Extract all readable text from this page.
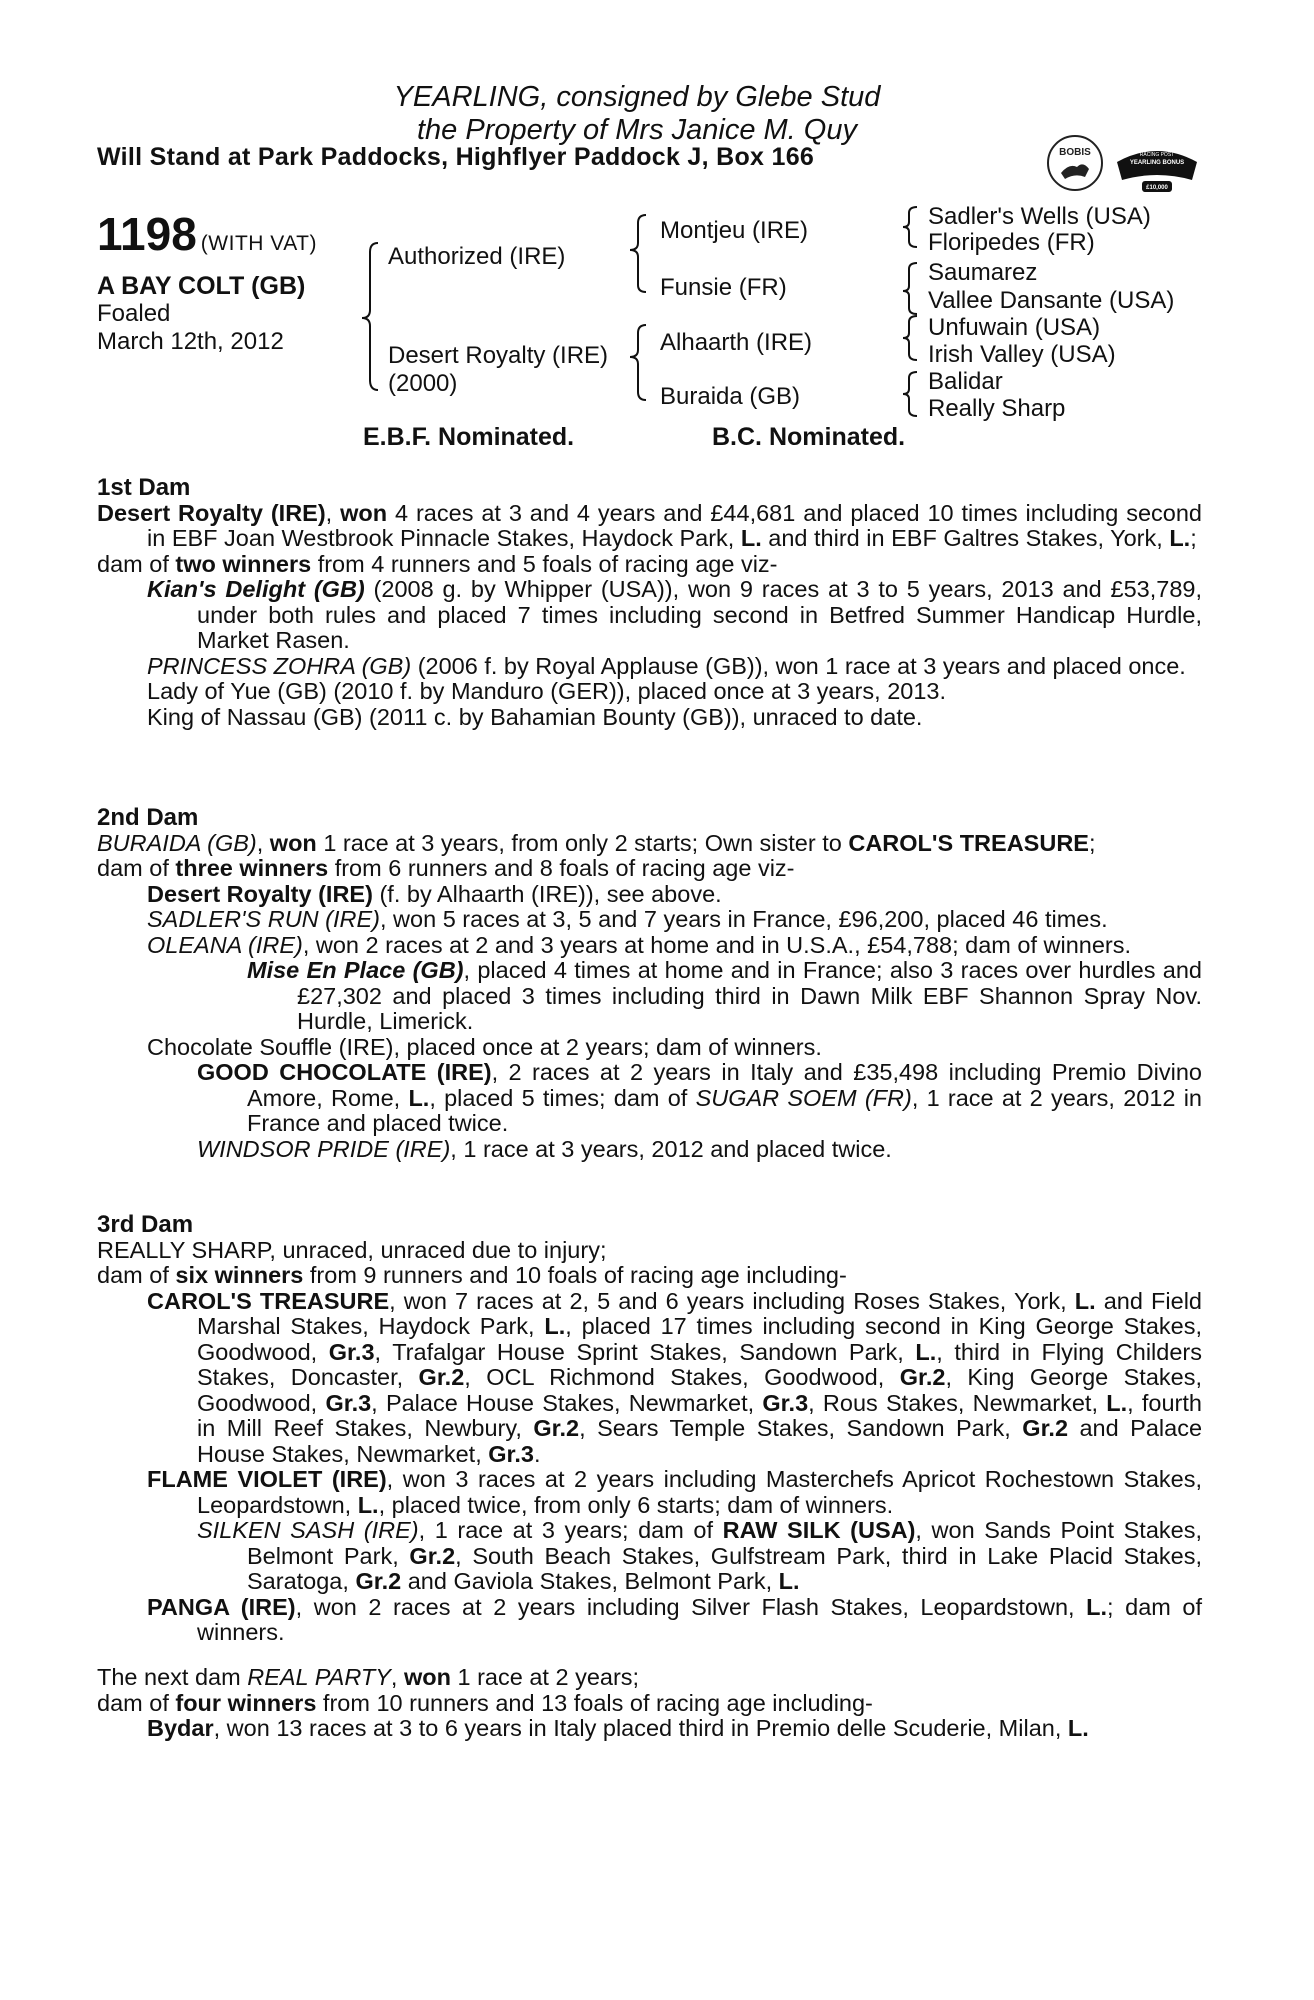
YEARLING, consigned by Glebe Stud
the Property of Mrs Janice M. Quy
Will Stand at Park Paddocks, Highflyer Paddock J, Box 166	BOBIS
£10,000
YEARLING BONUS
RACING POST
1198 (WITH VAT)
A BAY COLT (GB)
Foaled
March 12th, 2012
Authorized (IRE)
Desert Royalty (IRE)
(2000)
Montjeu (IRE)
Funsie (FR)
Alhaarth (IRE)
Buraida (GB)
Sadler's Wells (USA)
Floripedes (FR)
Saumarez
Vallee Dansante (USA)
Unfuwain (USA)
Irish Valley (USA)
Balidar
Really Sharp
E.B.F. Nominated.	B.C. Nominated.
1st Dam
Desert Royalty (IRE), won 4 races at 3 and 4 years and £44,681 and placed 10 times including second in EBF Joan Westbrook Pinnacle Stakes, Haydock Park, L. and third in EBF Galtres Stakes, York, L.;
dam of two winners from 4 runners and 5 foals of racing age viz-
Kian's Delight (GB) (2008 g. by Whipper (USA)), won 9 races at 3 to 5 years, 2013 and £53,789, under both rules and placed 7 times including second in Betfred Summer Handicap Hurdle, Market Rasen.
PRINCESS ZOHRA (GB) (2006 f. by Royal Applause (GB)), won 1 race at 3 years and placed once.
Lady of Yue (GB) (2010 f. by Manduro (GER)), placed once at 3 years, 2013.
King of Nassau (GB) (2011 c. by Bahamian Bounty (GB)), unraced to date.
2nd Dam
BURAIDA (GB), won 1 race at 3 years, from only 2 starts; Own sister to CAROL'S TREASURE;
dam of three winners from 6 runners and 8 foals of racing age viz-
Desert Royalty (IRE) (f. by Alhaarth (IRE)), see above.
SADLER'S RUN (IRE), won 5 races at 3, 5 and 7 years in France, £96,200, placed 46 times.
OLEANA (IRE), won 2 races at 2 and 3 years at home and in U.S.A., £54,788; dam of winners.
Mise En Place (GB), placed 4 times at home and in France; also 3 races over hurdles and £27,302 and placed 3 times including third in Dawn Milk EBF Shannon Spray Nov. Hurdle, Limerick.
Chocolate Souffle (IRE), placed once at 2 years; dam of winners.
GOOD CHOCOLATE (IRE), 2 races at 2 years in Italy and £35,498 including Premio Divino Amore, Rome, L., placed 5 times; dam of SUGAR SOEM (FR), 1 race at 2 years, 2012 in France and placed twice.
WINDSOR PRIDE (IRE), 1 race at 3 years, 2012 and placed twice.
3rd Dam
REALLY SHARP, unraced, unraced due to injury;
dam of six winners from 9 runners and 10 foals of racing age including-
CAROL'S TREASURE, won 7 races at 2, 5 and 6 years including Roses Stakes, York, L. and Field Marshal Stakes, Haydock Park, L., placed 17 times including second in King George Stakes, Goodwood, Gr.3, Trafalgar House Sprint Stakes, Sandown Park, L., third in Flying Childers Stakes, Doncaster, Gr.2, OCL Richmond Stakes, Goodwood, Gr.2, King George Stakes, Goodwood, Gr.3, Palace House Stakes, Newmarket, Gr.3, Rous Stakes, Newmarket, L., fourth in Mill Reef Stakes, Newbury, Gr.2, Sears Temple Stakes, Sandown Park, Gr.2 and Palace House Stakes, Newmarket, Gr.3.
FLAME VIOLET (IRE), won 3 races at 2 years including Masterchefs Apricot Rochestown Stakes, Leopardstown, L., placed twice, from only 6 starts; dam of winners.
SILKEN SASH (IRE), 1 race at 3 years; dam of RAW SILK (USA), won Sands Point Stakes, Belmont Park, Gr.2, South Beach Stakes, Gulfstream Park, third in Lake Placid Stakes, Saratoga, Gr.2 and Gaviola Stakes, Belmont Park, L.
PANGA (IRE), won 2 races at 2 years including Silver Flash Stakes, Leopardstown, L.; dam of winners.
The next dam REAL PARTY, won 1 race at 2 years;
dam of four winners from 10 runners and 13 foals of racing age including-
Bydar, won 13 races at 3 to 6 years in Italy placed third in Premio delle Scuderie, Milan, L.
